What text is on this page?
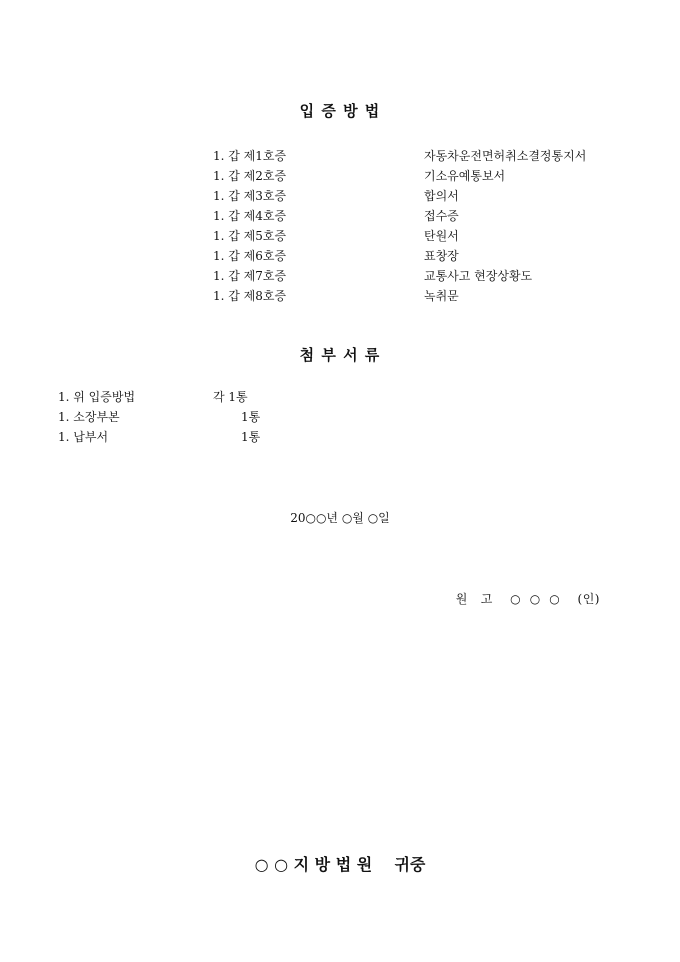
입 증 방 법
1. 갑 제1호증	자동차운전면허취소결정통지서
1. 갑 제2호증	기소유예통보서
1. 갑 제3호증	합의서
1. 갑 제4호증	접수증
1. 갑 제5호증	탄원서
1. 갑 제6호증	표창장
1. 갑 제7호증	교통사고 현장상황도
1. 갑 제8호증	녹취문
첨 부 서 류
1. 위 입증방법	각 1통
1. 소장부본	1통
1. 납부서	1통
20○○년 ○월 ○일
원   고    ○  ○  ○    (인)
○ ○ 지 방 법 원    귀중
